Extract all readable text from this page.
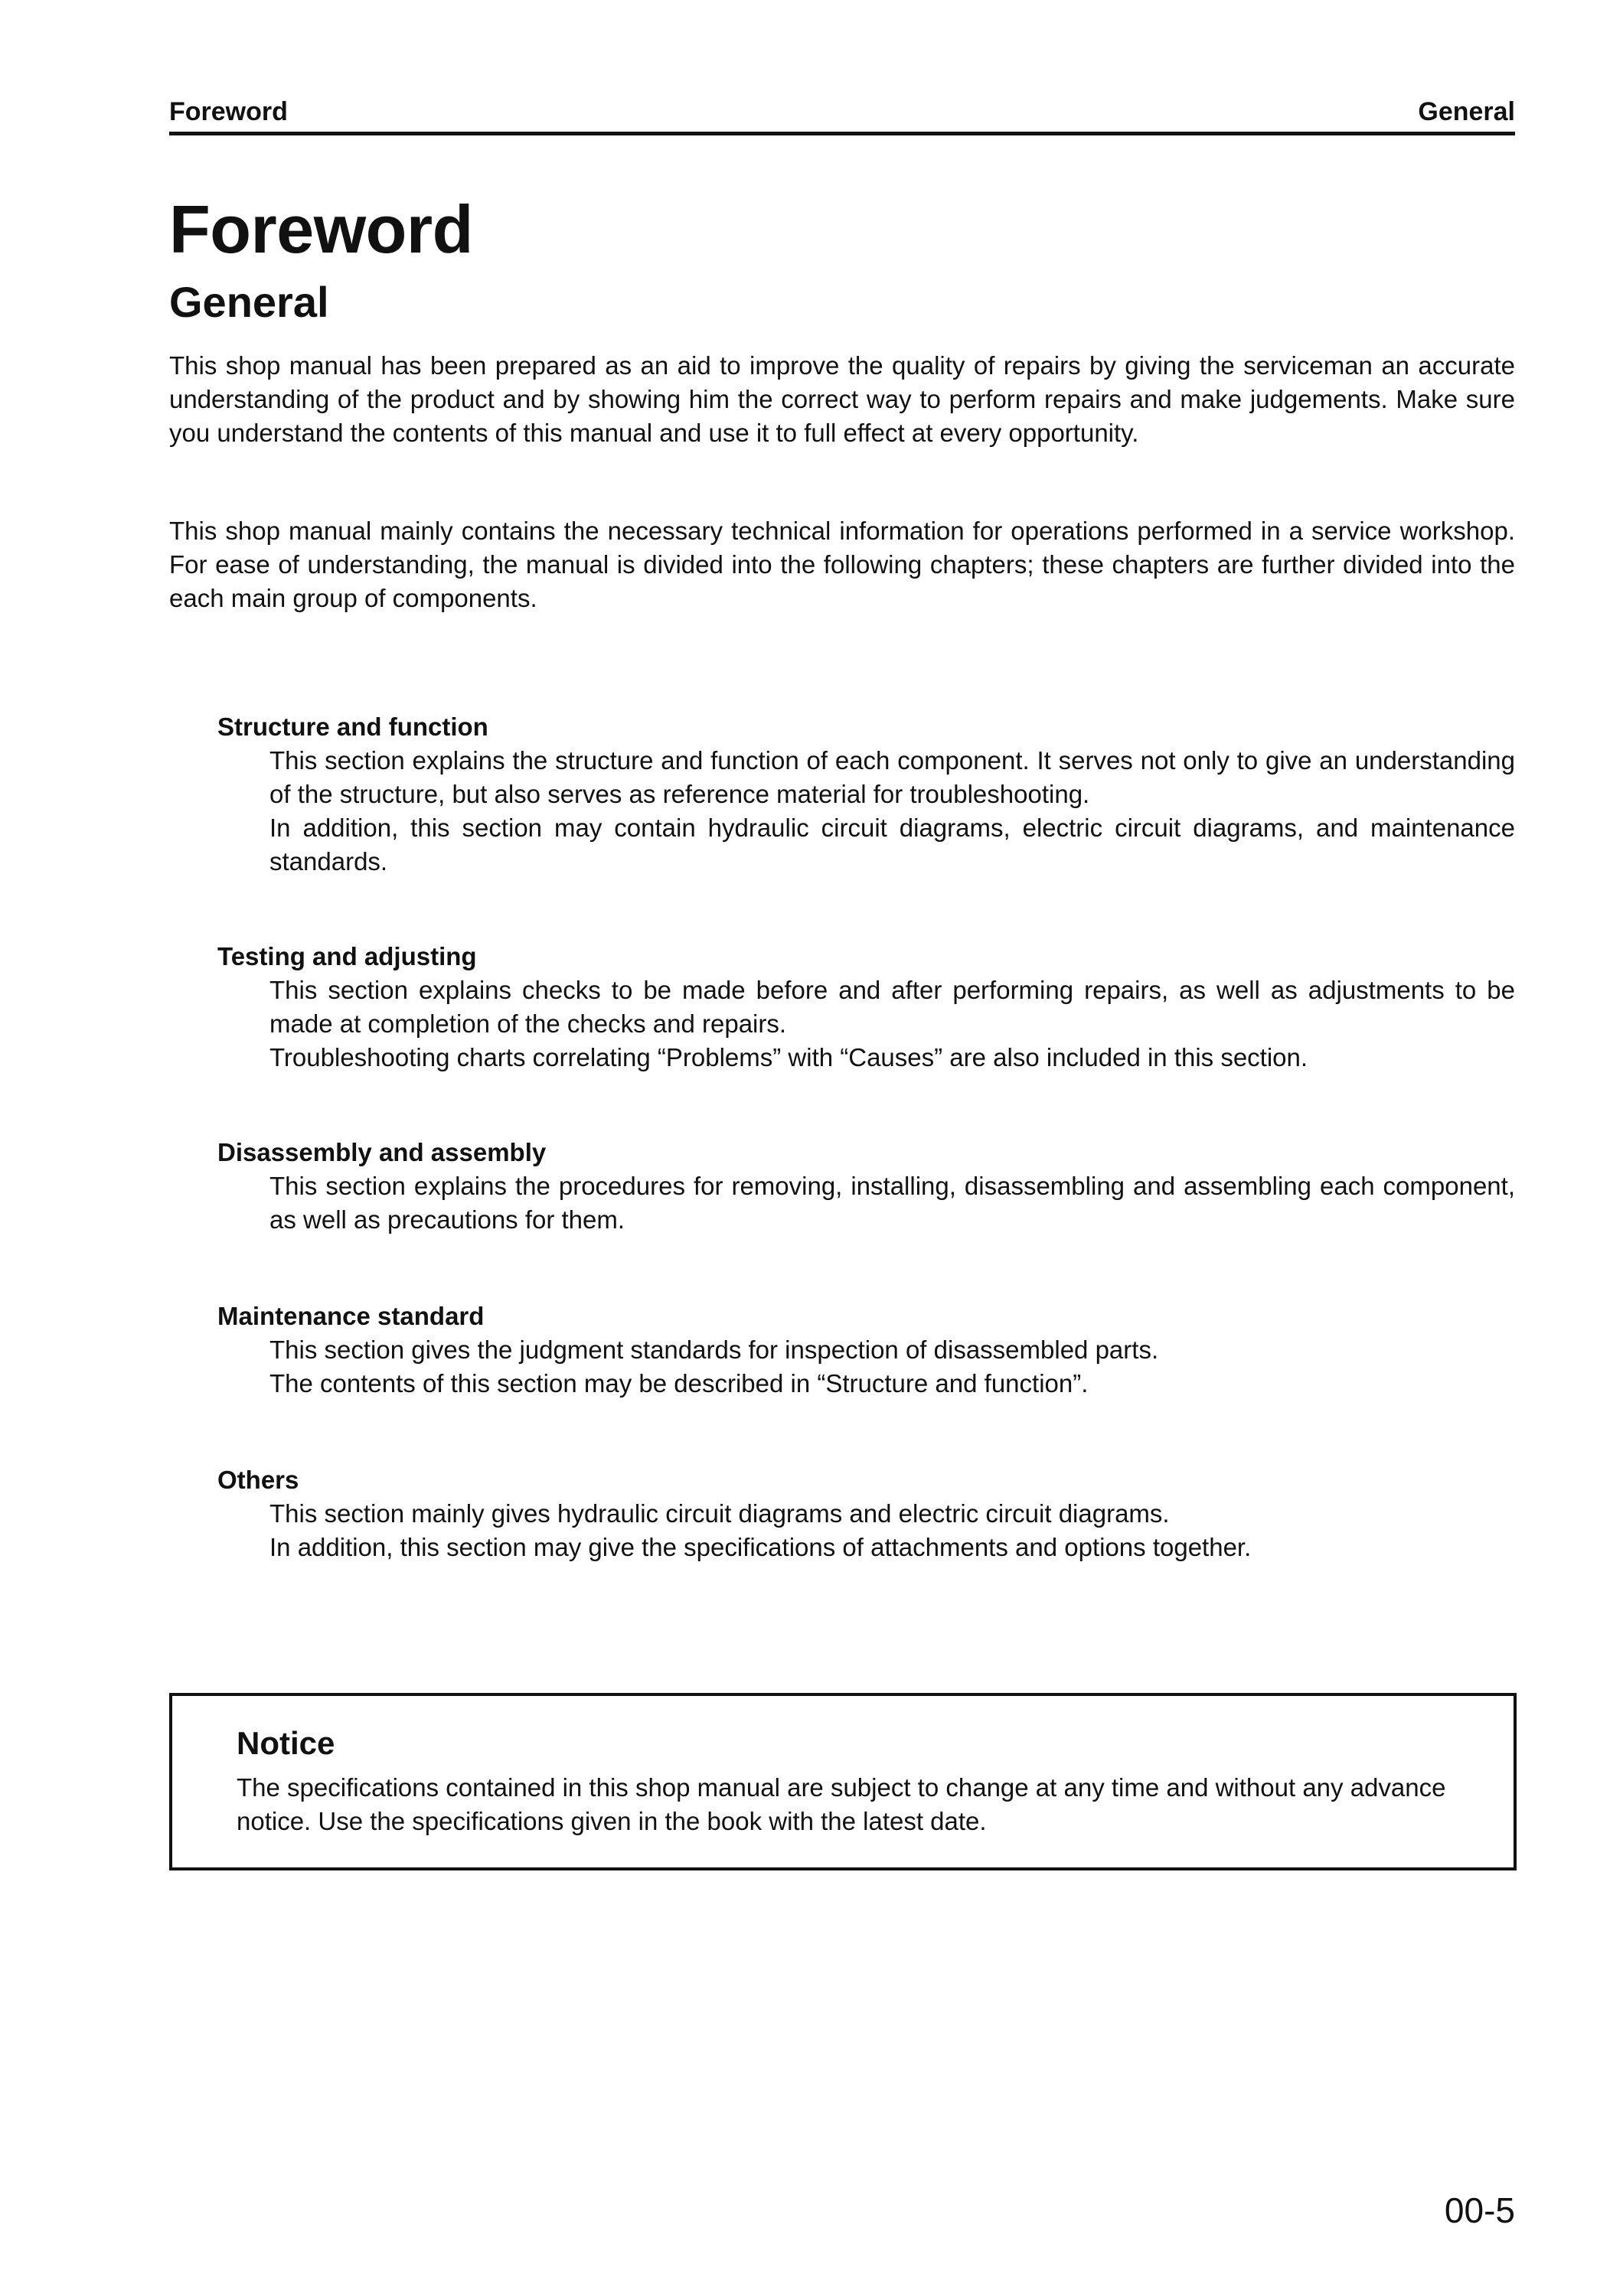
Foreword	General
Foreword
General

This shop manual has been prepared as an aid to improve the quality of repairs by giving the serviceman an accurate understanding of the product and by showing him the correct way to perform repairs and make judgements. Make sure you understand the contents of this manual and use it to full effect at every opportunity.

This shop manual mainly contains the necessary technical information for operations performed in a service workshop. For ease of understanding, the manual is divided into the following chapters; these chapters are further divided into the each main group of components.

Structure and function

This section explains the structure and function of each component. It serves not only to give an understanding of the structure, but also serves as reference material for troubleshooting.

In addition, this section may contain hydraulic circuit diagrams, electric circuit diagrams, and maintenance standards.

Testing and adjusting

This section explains checks to be made before and after performing repairs, as well as adjustments to be made at completion of the checks and repairs.

Troubleshooting charts correlating “Problems” with “Causes” are also included in this section.

Disassembly and assembly

This section explains the procedures for removing, installing, disassembling and assembling each component, as well as precautions for them.

Maintenance standard

This section gives the judgment standards for inspection of disassembled parts.

The contents of this section may be described in “Structure and function”.

Others

This section mainly gives hydraulic circuit diagrams and electric circuit diagrams.

In addition, this section may give the specifications of attachments and options together.

Notice

The specifications contained in this shop manual are subject to change at any time and without any advance notice. Use the specifications given in the book with the latest date.

00-5
